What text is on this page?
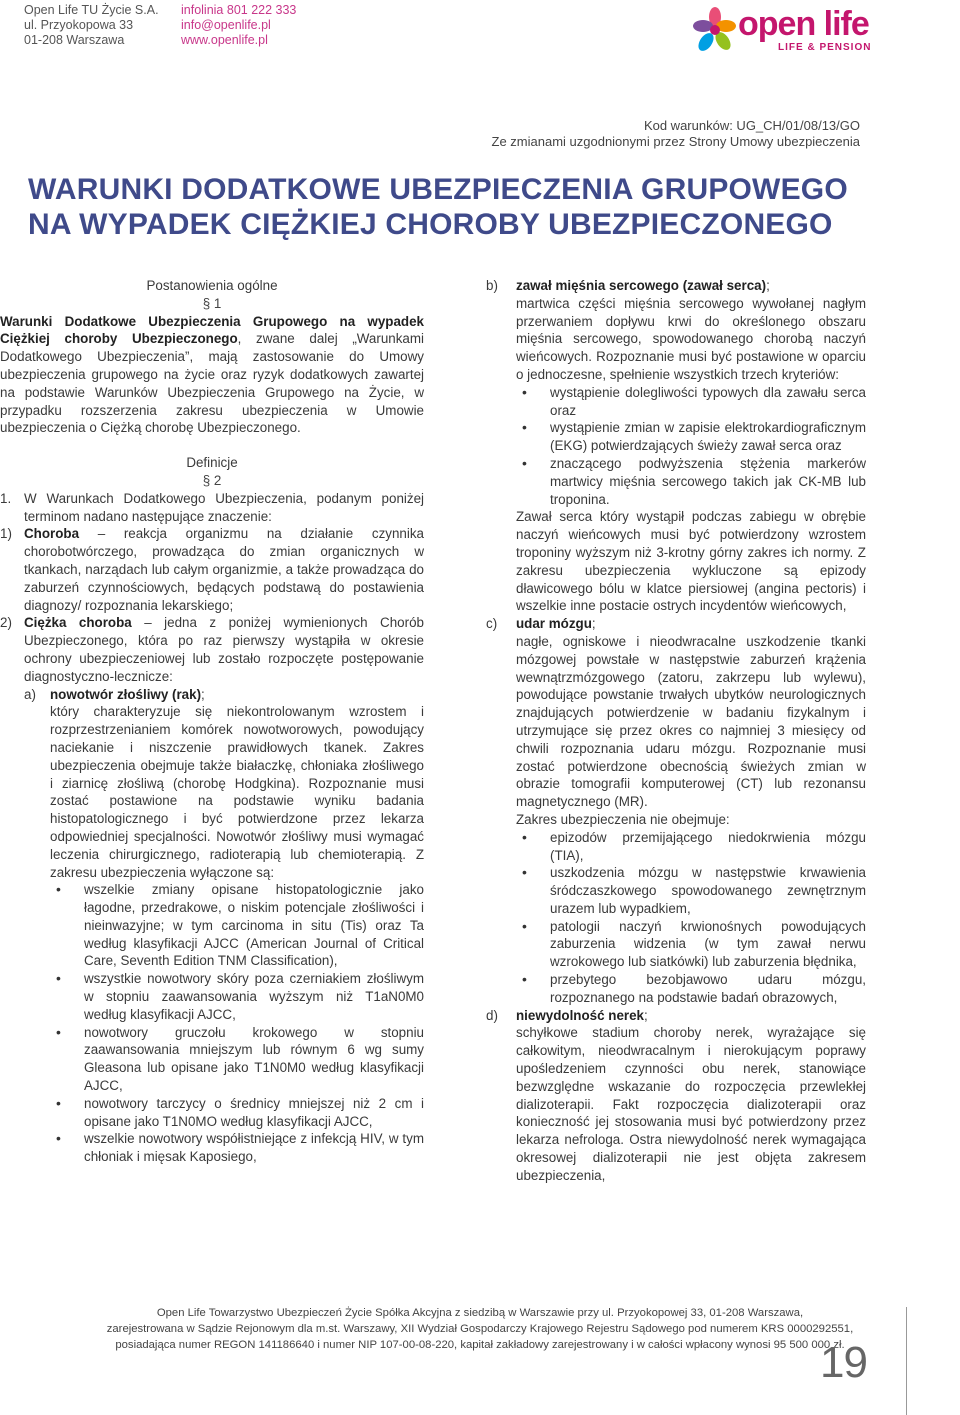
Open Life TU Życie S.A.
ul. Przyokopowa 33
01-208 Warszawa
infolinia 801 222 333
info@openlife.pl
www.openlife.pl	open life
LIFE & PENSION
Kod warunków: UG_CH/01/08/13/GO
Ze zmianami uzgodnionymi przez Strony Umowy ubezpieczenia
WARUNKI DODATKOWE UBEZPIECZENIA GRUPOWEGO
NA WYPADEK CIĘŻKIEJ CHOROBY UBEZPIECZONEGO
Postanowienia ogólne
§ 1
Warunki Dodatkowe Ubezpieczenia Grupowego na wypadek Ciężkiej choroby Ubezpieczonego, zwane dalej „Warunkami Dodatkowego Ubezpieczenia”, mają zastosowanie do Umowy ubezpieczenia grupowego na życie oraz ryzyk dodatkowych zawartej na podstawie Warunków Ubezpieczenia Grupowego na Życie, w przypadku rozszerzenia zakresu ubezpieczenia w Umowie ubezpieczenia o Ciężką chorobę Ubezpieczonego.
Definicje
§ 2
1. W Warunkach Dodatkowego Ubezpieczenia, podanym poniżej terminom nadano następujące znaczenie:
1) Choroba – reakcja organizmu na działanie czynnika chorobotwórczego, prowadząca do zmian organicznych w tkankach, narządach lub całym organizmie, a także prowadząca do zaburzeń czynnościowych, będących podstawą do postawienia diagnozy/ rozpoznania lekarskiego;
2) Ciężka choroba – jedna z poniżej wymienionych Chorób Ubezpieczonego, która po raz pierwszy wystąpiła w okresie ochrony ubezpieczeniowej lub zostało rozpoczęte postępowanie diagnostyczno-lecznicze:
a)	nowotwór złośliwy (rak);
który charakteryzuje się niekontrolowanym wzrostem i rozprzestrzenianiem komórek nowotworowych, powodujący naciekanie i niszczenie prawidłowych tkanek. Zakres ubezpieczenia obejmuje także białaczkę, chłoniaka złośliwego i ziarnicę złośliwą (chorobę Hodgkina). Rozpoznanie musi zostać postawione na podstawie wyniku badania histopatologicznego i być potwierdzone przez lekarza odpowiedniej specjalności. Nowotwór złośliwy musi wymagać leczenia chirurgicznego, radioterapią lub chemioterapią. Z zakresu ubezpieczenia wyłączone są:
• wszelkie zmiany opisane histopatologicznie jako łagodne, przedrakowe, o niskim potencjale złośliwości i nieinwazyjne; w tym carcinoma in situ (Tis) oraz Ta według klasyfikacji AJCC (American Journal of Critical Care, Seventh Edition TNM Classification),
• wszystkie nowotwory skóry poza czerniakiem złośliwym w stopniu zaawansowania wyższym niż T1aN0M0 według klasyfikacji AJCC,
• nowotwory gruczołu krokowego w stopniu zaawansowania mniejszym lub równym 6 wg sumy Gleasona lub opisane jako T1N0M0 według klasyfikacji AJCC,
• nowotwory tarczycy o średnicy mniejszej niż 2 cm i opisane jako T1N0MO według klasyfikacji AJCC,
• wszelkie nowotwory współistniejące z infekcją HIV, w tym chłoniak i mięsak Kaposiego,
b)	zawał mięśnia sercowego (zawał serca);
martwica części mięśnia sercowego wywołanej nagłym przerwaniem dopływu krwi do określonego obszaru mięśnia sercowego, spowodowanego chorobą naczyń wieńcowych. Rozpoznanie musi być postawione w oparciu o jednoczesne, spełnienie wszystkich trzech kryteriów:
• wystąpienie dolegliwości typowych dla zawału serca oraz
• wystąpienie zmian w zapisie elektrokardiograficznym (EKG) potwierdzających świeży zawał serca oraz
• znaczącego podwyższenia stężenia markerów martwicy mięśnia sercowego takich jak CK-MB lub troponina.
Zawał serca który wystąpił podczas zabiegu w obrębie naczyń wieńcowych musi być potwierdzony wzrostem troponiny wyższym niż 3-krotny górny zakres ich normy. Z zakresu ubezpieczenia wykluczone są epizody dławicowego bólu w klatce piersiowej (angina pectoris) i wszelkie inne postacie ostrych incydentów wieńcowych,
c)	udar mózgu;
nagłe, ogniskowe i nieodwracalne uszkodzenie tkanki mózgowej powstałe w następstwie zaburzeń krążenia wewnątrzmózgowego (zatoru, zakrzepu lub wylewu), powodujące powstanie trwałych ubytków neurologicznych znajdujących potwierdzenie w badaniu fizykalnym i utrzymujące się przez okres co najmniej 3 miesięcy od chwili rozpoznania udaru mózgu. Rozpoznanie musi zostać potwierdzone obecnością świeżych zmian w obrazie tomografii komputerowej (CT) lub rezonansu magnetycznego (MR).
Zakres ubezpieczenia nie obejmuje:
• epizodów przemijającego niedokrwienia mózgu (TIA),
• uszkodzenia mózgu w następstwie krwawienia śródczaszkowego spowodowanego zewnętrznym urazem lub wypadkiem,
• patologii naczyń krwionośnych powodujących zaburzenia widzenia (w tym zawał nerwu wzrokowego lub siatkówki) lub zaburzenia błędnika,
• przebytego bezobjawowo udaru mózgu, rozpoznanego na podstawie badań obrazowych,
d)	niewydolność nerek;
schyłkowe stadium choroby nerek, wyrażające się całkowitym, nieodwracalnym i nierokującym poprawy upośledzeniem czynności obu nerek, stanowiące bezwzględne wskazanie do rozpoczęcia przewlekłej dializoterapii. Fakt rozpoczęcia dializoterapii oraz konieczność jej stosowania musi być potwierdzony przez lekarza nefrologa. Ostra niewydolność nerek wymagająca okresowej dializoterapii nie jest objęta zakresem ubezpieczenia,
Open Life Towarzystwo Ubezpieczeń Życie Spółka Akcyjna z siedzibą w Warszawie przy ul. Przyokopowej 33, 01-208 Warszawa,
zarejestrowana w Sądzie Rejonowym dla m.st. Warszawy, XII Wydział Gospodarczy Krajowego Rejestru Sądowego pod numerem KRS 0000292551,
posiadająca numer REGON 141186640 i numer NIP 107-00-08-220, kapitał zakładowy zarejestrowany i w całości wpłacony wynosi 95 500 000 zł.
19
